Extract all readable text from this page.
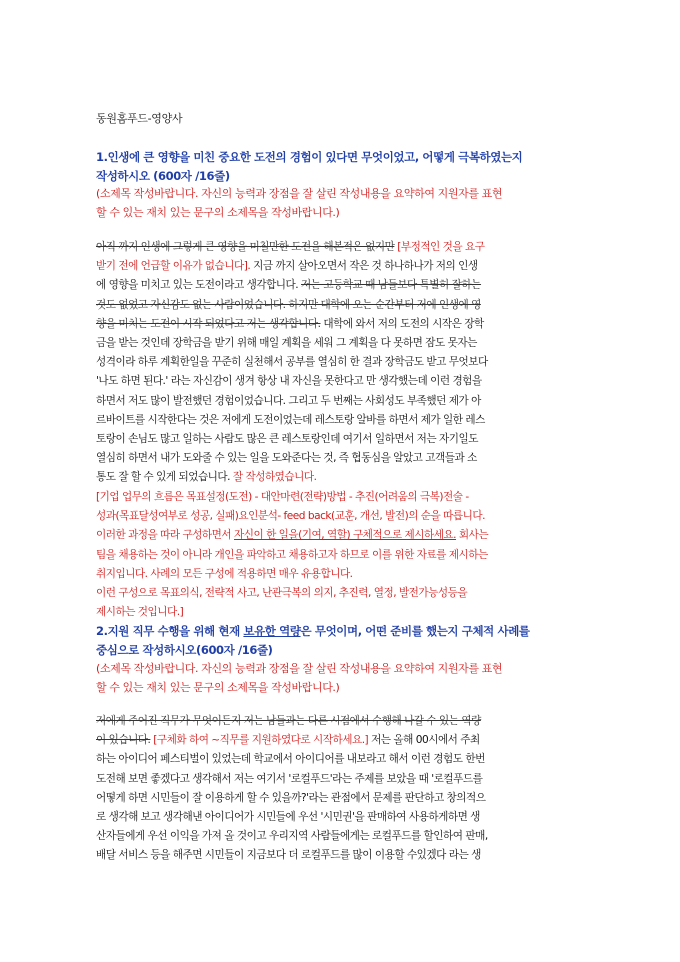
동원홈푸드-영양사
1.인생에 큰 영향을 미친 중요한 도전의 경험이 있다면 무엇이었고, 어떻게 극복하였는지
작성하시오 (600자 /16줄)
(소제목 작성바랍니다. 자신의 능력과 장점을 잘 살린 작성내용을 요약하여 지원자를 표현
할 수 있는 재치 있는 문구의 소제목을 작성바랍니다.)
아직 까지 인생에 그렇게 큰 영향을 미칠만한 도전을 해본적은 없지만 [부정적인 것을 요구
받기 전에 언급할 이유가 없습니다]. 지금 까지 살아오면서 작은 것 하나하나가 저의 인생
에 영향을 미치고 있는 도전이라고 생각합니다. 저는 고등학교 때 남들보다 특별히 잘하는
것도 없었고 자신감도 없는 사람이었습니다. 하지만 대학에 오는 순간부터 저에 인생에 영
향을 미치는 도전이 시작 되었다고 저는 생각합니다. 대학에 와서 저의 도전의 시작은 장학
금을 받는 것인데 장학금을 받기 위해 매일 계획을 세워 그 계획을 다 못하면 잠도 못자는
성격이라 하루 계획한일을 꾸준히 실천해서 공부를 열심히 한 결과 장학금도 받고 무엇보다
'나도 하면 된다.' 라는 자신감이 생겨 항상 내 자신을 못한다고 만 생각했는데 이런 경험을
하면서 저도 많이 발전했던 경험이었습니다. 그리고 두 번째는 사회성도 부족했던 제가 아
르바이트를 시작한다는 것은 저에게 도전이었는데 레스토랑 알바를 하면서 제가 일한 레스
토랑이 손님도 많고 일하는 사람도 많은 큰 레스토랑인데 여기서 일하면서 저는 자기일도
열심히 하면서 내가 도와줄 수 있는 일을 도와준다는 것, 즉 협동심을 알았고 고객들과 소
통도 잘 할 수 있게 되었습니다. 잘 작성하였습니다.
[기업 업무의 흐름은 목표설정(도전) - 대안마련(전략)방법 - 추진(어려움의 극복)전술 -
성과(목표달성여부로 성공, 실패)요인분석- feed back(교훈, 개선, 발전)의 순을 따릅니다.
이러한 과정을 따라 구성하면서 자신이 한 일을(기여, 역할) 구체적으로 제시하세요. 회사는
팀을 채용하는 것이 아니라 개인을 파악하고 채용하고자 하므로 이를 위한 자료를 제시하는
취지입니다. 사례의 모든 구성에 적용하면 매우 유용합니다.
이런 구성으로 목표의식, 전략적 사고, 난관극복의 의지, 추진력, 열정, 발전가능성등을
제시하는 것입니다.]
2.지원 직무 수행을 위해 현재 보유한 역량은 무엇이며, 어떤 준비를 했는지 구체적 사례를
중심으로 작성하시오(600자 /16줄)
(소제목 작성바랍니다. 자신의 능력과 장점을 잘 살린 작성내용을 요약하여 지원자를 표현
할 수 있는 재치 있는 문구의 소제목을 작성바랍니다.)
저에게 주어진 직무가 무엇이든지 저는 남들과는 다른 시점에서 수행해 나갈 수 있는 역량
이 있습니다. [구체화 하여 ~직무를 지원하였다로 시작하세요.] 저는 올해 00시에서 주최
하는 아이디어 페스티벌이 있었는데 학교에서 아이디어를 내보라고 해서 이런 경험도 한번
도전해 보면 좋겠다고 생각해서 저는 여기서 '로컬푸드'라는 주제를 보았을 때 '로컬푸드를
어떻게 하면 시민들이 잘 이용하게 할 수 있을까?'라는 관점에서 문제를 판단하고 창의적으
로 생각해 보고 생각해낸 아이디어가 시민들에 우선 '시민권'을 판매하여 사용하게하면 생
산자들에게 우선 이익을 가져 올 것이고 우리지역 사람들에게는 로컬푸드를 할인하여 판매,
배달 서비스 등을 해주면 시민들이 지금보다 더 로컬푸드를 많이 이용할 수있겠다 라는 생
